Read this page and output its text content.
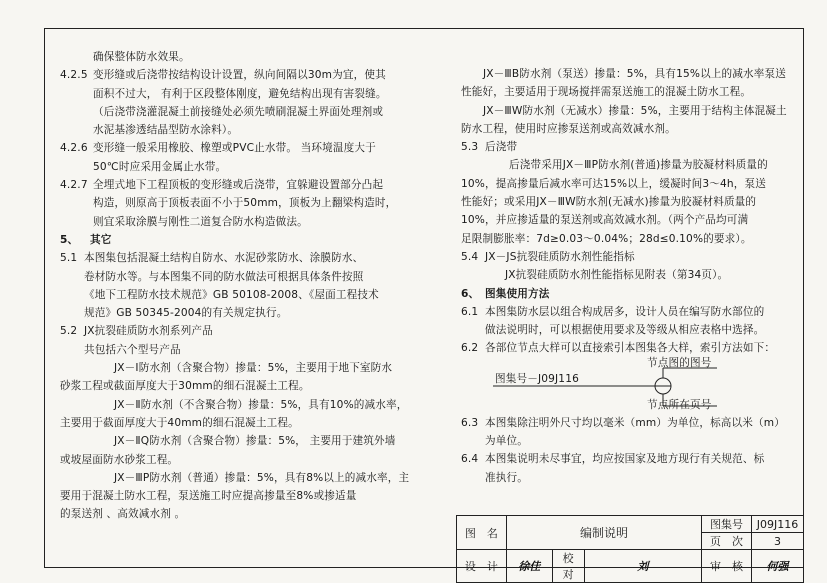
确保整体防水效果。

4.2.5 变形缝或后浇带按结构设计设置，纵向间隔以30m为宜，使其
面积不过大， 有利于区段整体刚度，避免结构出现有害裂缝。
（后浇带浇灌混凝土前接缝处必须先喷刷混凝土界面处理剂或
水泥基渗透结晶型防水涂料）。
4.2.6 变形缝一般采用橡胶、橡塑或PVC止水带。 当环境温度大于
50℃时应采用金属止水带。
4.2.7 全埋式地下工程顶板的变形缝或后浇带，宜躲避设置部分凸起
构造，则原高于顶板表面不小于50mm，顶板为上翻梁构造时，
则宜采取涂膜与刚性二道复合防水构造做法。
5、	其它
5.1 本图集包括混凝土结构自防水、水泥砂浆防水、涂膜防水、
卷材防水等。与本图集不同的防水做法可根据具体条件按照
《地下工程防水技术规范》GB 50108-2008、《屋面工程技术
规范》GB 50345-2004的有关规定执行。
5.2 JX抗裂硅质防水剂系列产品

共包括六个型号产品

JX－Ⅰ防水剂（含聚合物）掺量：5%，主要用于地下室防水

砂浆工程或截面厚度大于30mm的细石混凝土工程。

JX－Ⅱ防水剂（不含聚合物）掺量：5%，具有10%的减水率，

主要用于截面厚度大于40mm的细石混凝土工程。

JX－ⅡQ防水剂（含聚合物）掺量：5%， 主要用于建筑外墙

或坡屋面防水砂浆工程。

JX－ⅢP防水剂（普通）掺量：5%，具有8%以上的减水率，主

要用于混凝土防水工程，泵送施工时应提高掺量至8%或掺适量

的泵送剂 、高效减水剂 。

JX－ⅢB防水剂（泵送）掺量：5%，具有15%以上的减水率泵送

性能好，主要适用于现场搅拌需泵送施工的混凝土防水工程。

JX－ⅢW防水剂（无减水）掺量：5%，主要用于结构主体混凝土

防水工程，使用时应掺泵送剂或高效减水剂。

5.3 后浇带

后浇带采用JX－ⅢP防水剂(普通)掺量为胶凝材料质量的

10%，提高掺量后减水率可达15%以上，缓凝时间3～4h，泵送

性能好；或采用JX－ⅢW防水剂(无减水)掺量为胶凝材料质量的

10%，并应掺适量的泵送剂或高效减水剂。（两个产品均可满

足限制膨胀率：7d≥0.03～0.04%；28d≤0.10%的要求）。

5.4 JX－JS抗裂硅质防水剂性能指标

JX抗裂硅质防水剂性能指标见附表（第34页）。

6、 图集使用方法
6.1 本图集防水层以组合构成居多，设计人员在编写防水部位的
做法说明时，可以根据使用要求及等级从相应表格中选择。
6.2 各部位节点大样可以直接索引本图集各大样，索引方法如下：
图集号－J09J116
节点图的图号
节点所在页号
6.3 本图集除注明外尺寸均以毫米（mm）为单位，标高以米（m）
为单位。
6.4 本图集说明未尽事宜，均应按国家及地方现行有关规范、标
准执行。
图　名	编制说明			图集号	J09J116
				页　次	3
设　计	徐佳	校　对	刘	审　核	何强
